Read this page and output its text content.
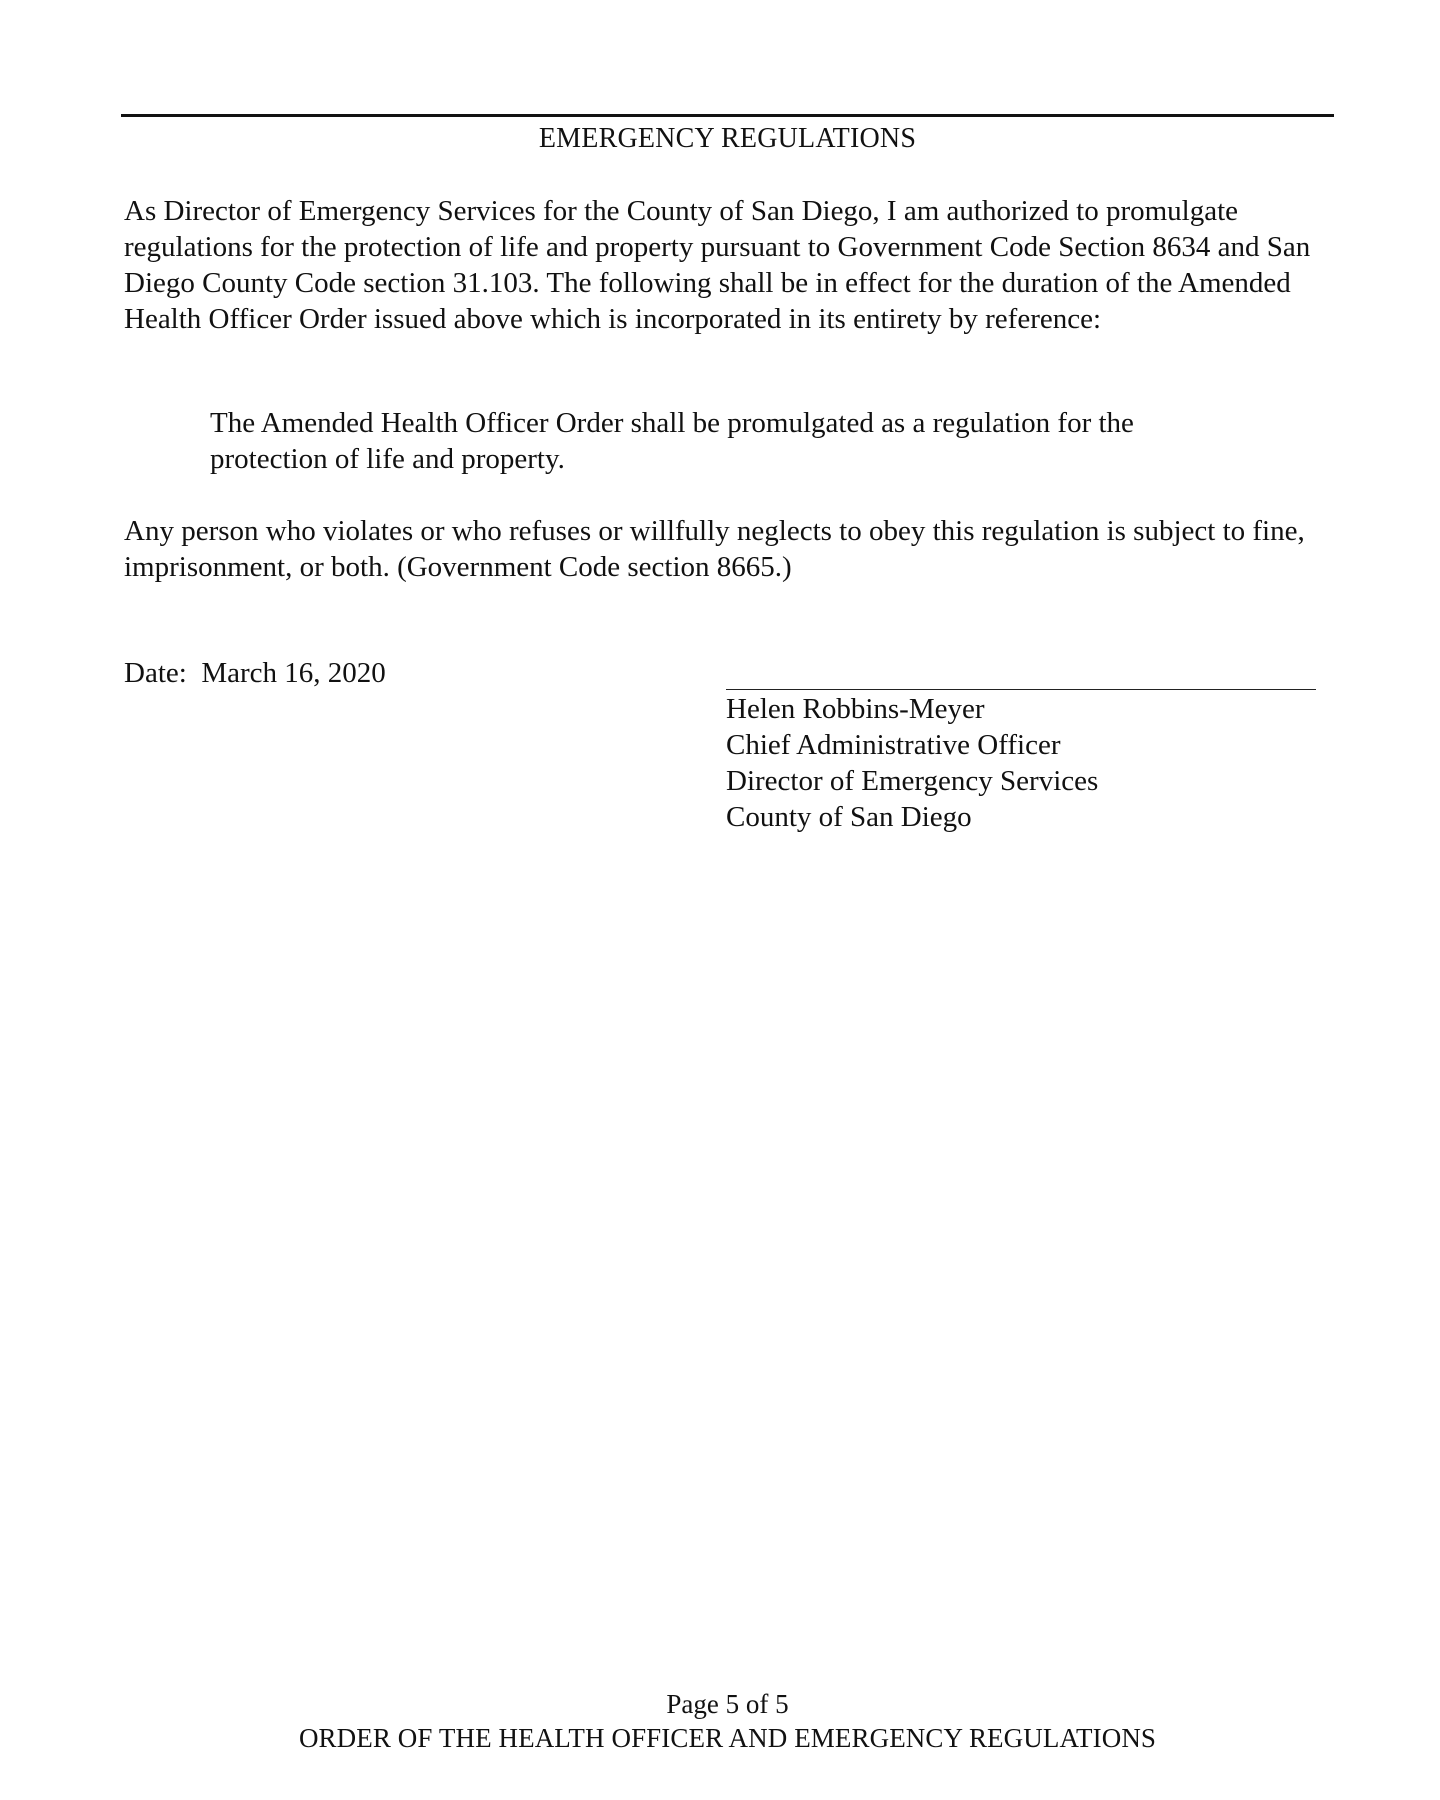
EMERGENCY REGULATIONS
As Director of Emergency Services for the County of San Diego, I am authorized to promulgate regulations for the protection of life and property pursuant to Government Code Section 8634 and San Diego County Code section 31.103. The following shall be in effect for the duration of the Amended Health Officer Order issued above which is incorporated in its entirety by reference:
The Amended Health Officer Order shall be promulgated as a regulation for the protection of life and property.
Any person who violates or who refuses or willfully neglects to obey this regulation is subject to fine, imprisonment, or both. (Government Code section 8665.)
Date: March 16, 2020
Helen Robbins-Meyer
Chief Administrative Officer
Director of Emergency Services
County of San Diego
Page 5 of 5
ORDER OF THE HEALTH OFFICER AND EMERGENCY REGULATIONS
